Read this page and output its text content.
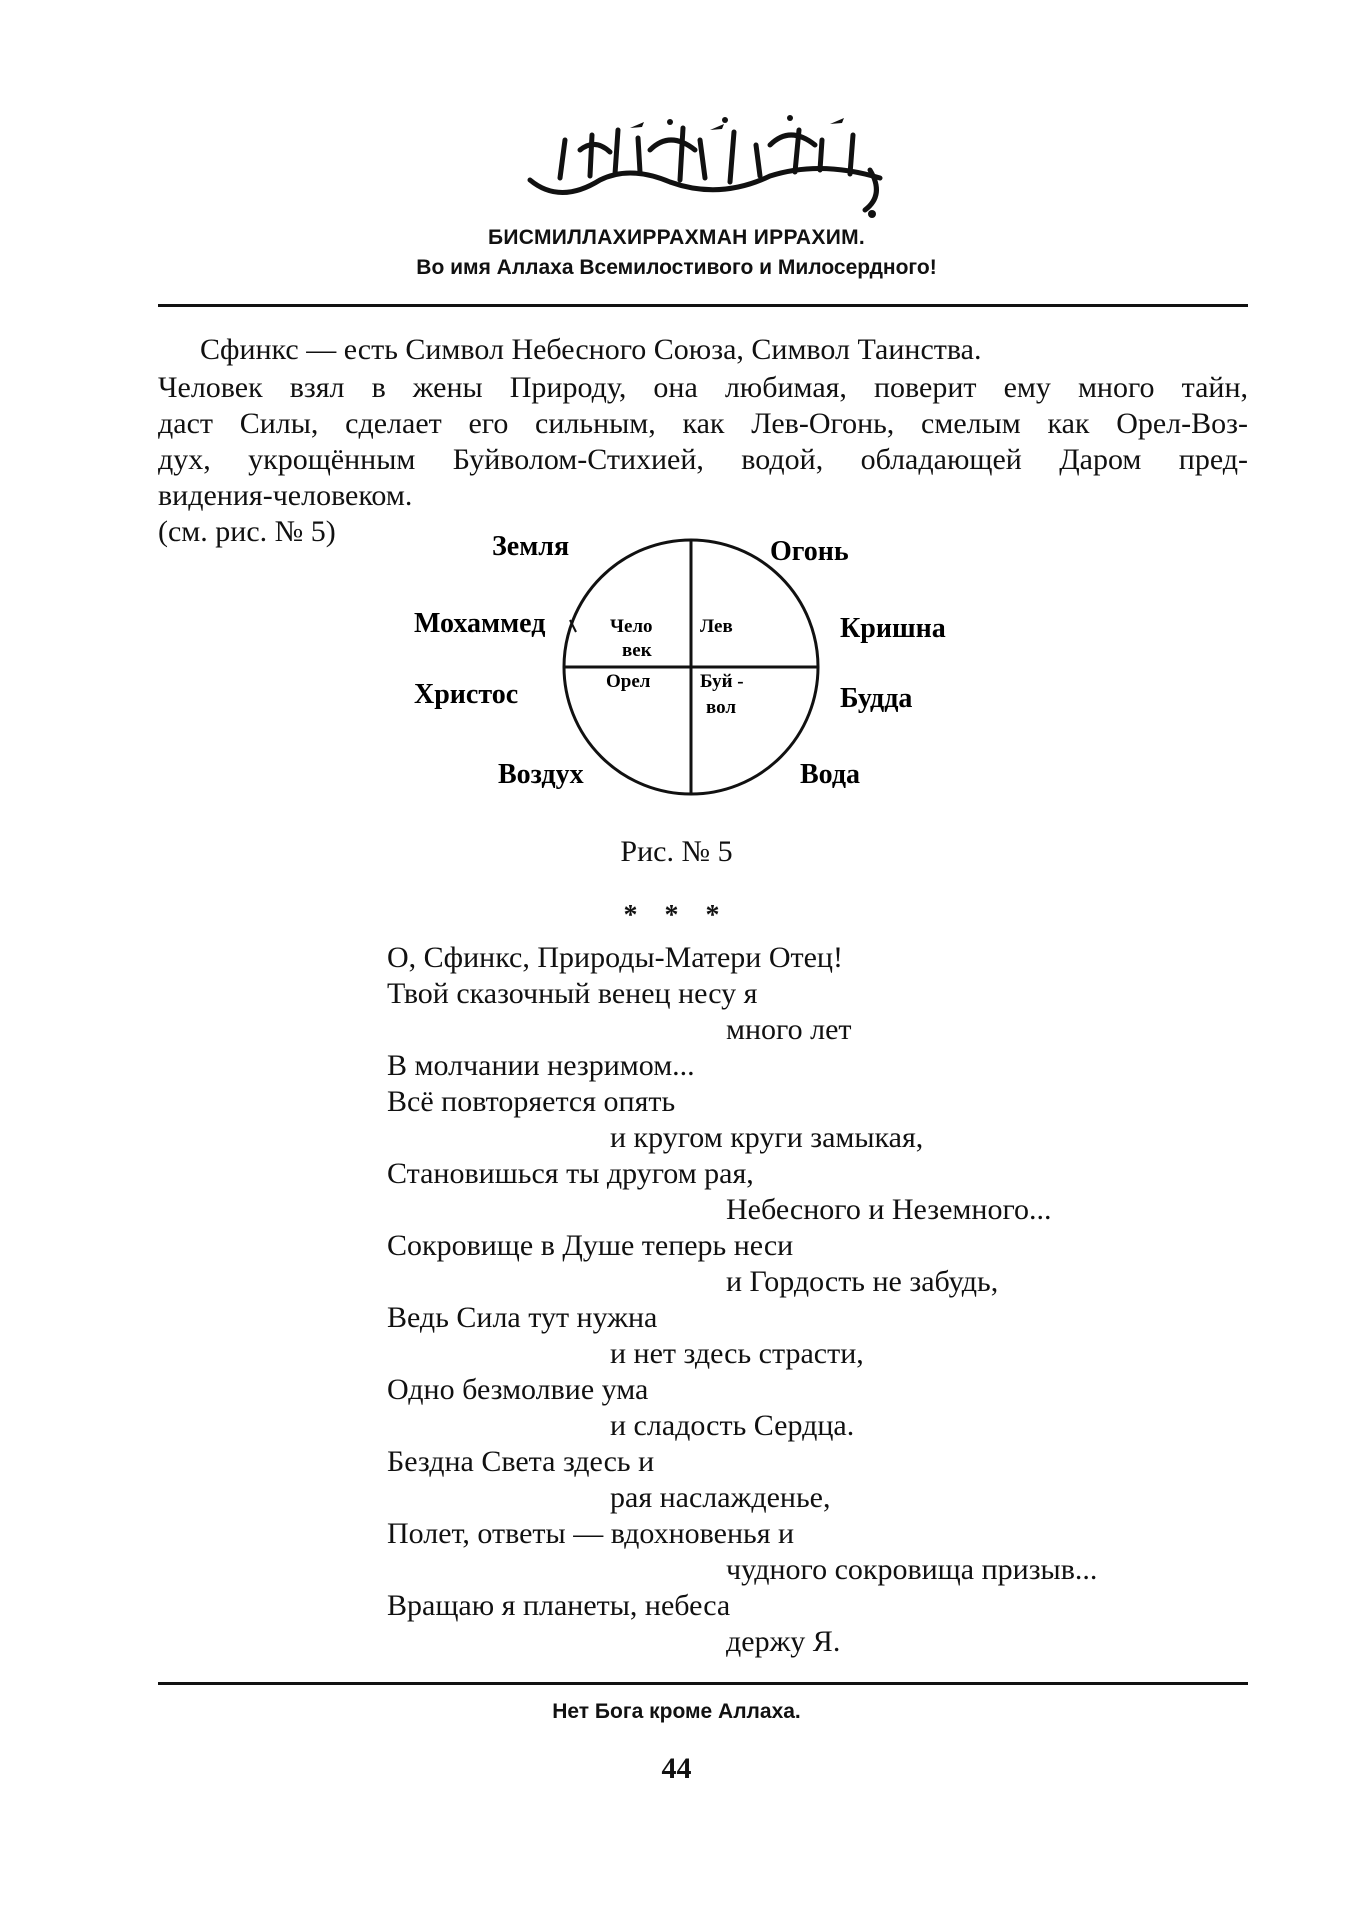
БИСМИЛЛАХИРРАХМАН ИРРАХИМ.
Во имя Аллаха Всемилостивого и Милосердного!
Сфинкс — есть Символ Небесного Союза, Символ Таинства.
Человек взял в жены Природу, она любимая, поверит ему много тайн,
даст Силы, сделает его сильным, как Лев-Огонь, смелым как Орел-Воз-
дух, укрощённым Буйволом-Стихией, водой, обладающей Даром пред-
видения-человеком.
(см. рис. № 5)	Земля	Огонь
Мохаммед	Кришна
Христос	Будда
Воздух	Вода
Чело
век
Лев
Орел	Буй -
вол
Рис. № 5
* * *
О, Сфинкс, Природы-Матери Отец!
Твой сказочный венец несу я
много лет
В молчании незримом...
Всё повторяется опять
и кругом круги замыкая,
Становишься ты другом рая,
Небесного и Неземного...
Сокровище в Душе теперь неси
и Гордость не забудь,
Ведь Сила тут нужна
и нет здесь страсти,
Одно безмолвие ума
и сладость Сердца.
Бездна Света здесь и
рая наслажденье,
Полет, ответы — вдохновенья и
чудного сокровища призыв...
Вращаю я планеты, небеса
держу Я.
Нет Бога кроме Аллаха.
44
